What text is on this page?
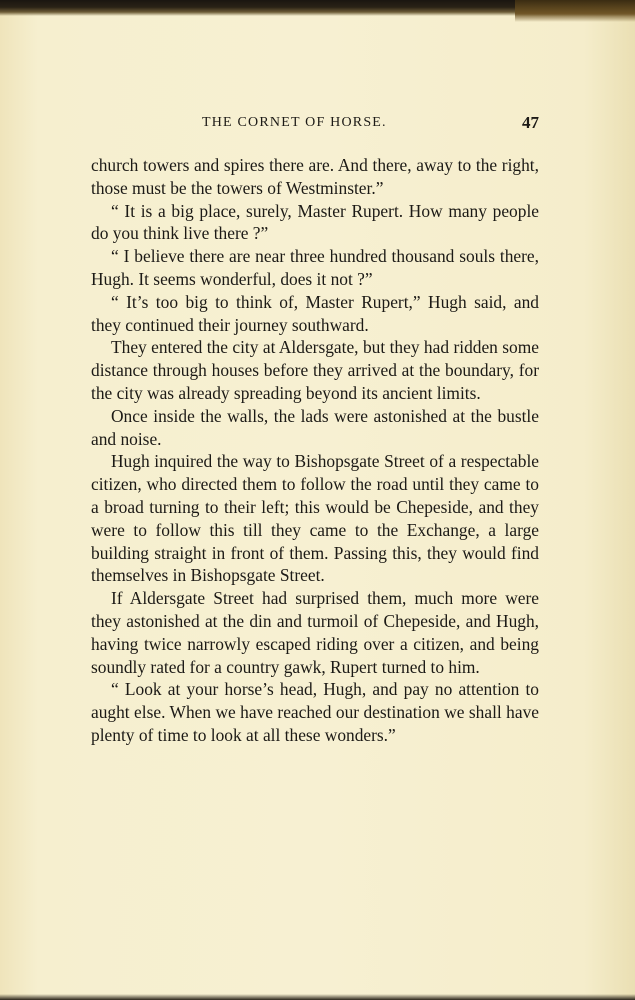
THE CORNET OF HORSE.	47

church towers and spires there are. And there, away to the right, those must be the towers of Westminster.”

“ It is a big place, surely, Master Rupert. How many people do you think live there ?”

“ I believe there are near three hundred thousand souls there, Hugh. It seems wonderful, does it not ?”

“ It’s too big to think of, Master Rupert,” Hugh said, and they continued their journey southward.

They entered the city at Aldersgate, but they had ridden some distance through houses before they arrived at the boundary, for the city was already spreading beyond its ancient limits.

Once inside the walls, the lads were astonished at the bustle and noise.

Hugh inquired the way to Bishopsgate Street of a respectable citizen, who directed them to follow the road until they came to a broad turning to their left; this would be Chepeside, and they were to follow this till they came to the Exchange, a large building straight in front of them. Passing this, they would find themselves in Bishopsgate Street.

If Aldersgate Street had surprised them, much more were they astonished at the din and turmoil of Chepeside, and Hugh, having twice narrowly escaped riding over a citizen, and being soundly rated for a country gawk, Rupert turned to him.

“ Look at your horse’s head, Hugh, and pay no attention to aught else. When we have reached our destination we shall have plenty of time to look at all these wonders.”
